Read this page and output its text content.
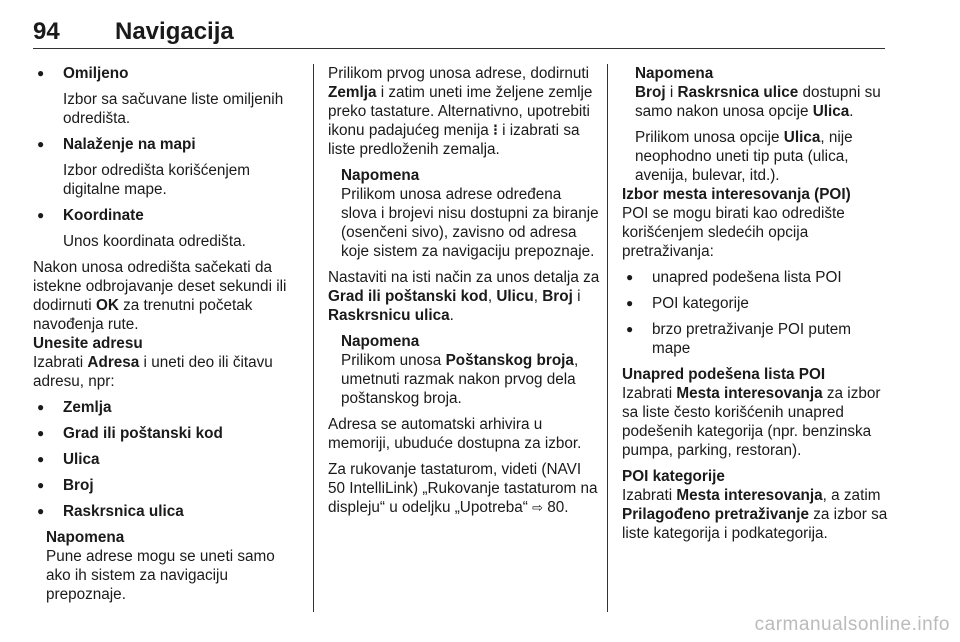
94 Navigacija
●	Omiljeno

Izbor sa sačuvane liste omiljenih odredišta.

●	Nalaženje na mapi

Izbor odredišta korišćenjem digitalne mape.

●	Koordinate

Unos koordinata odredišta.

Nakon unosa odredišta sačekati da istekne odbrojavanje deset sekundi ili dodirnuti OK za trenutni početak navođenja rute.

Unesite adresu

Izabrati Adresa i uneti deo ili čitavu adresu, npr:

●	Zemlja
●	Grad ili poštanski kod
●	Ulica
●	Broj
●	Raskrsnica ulica

Napomena

Pune adrese mogu se uneti samo ako ih sistem za navigaciju prepoznaje.

Prilikom prvog unosa adrese, dodirnuti Zemlja i zatim uneti ime željene zemlje preko tastature. Alternativno, upotrebiti ikonu padajućeg menija ⁝ i izabrati sa liste predloženih zemalja.

Napomena

Prilikom unosa adrese određena slova i brojevi nisu dostupni za biranje (osenčeni sivo), zavisno od adresa koje sistem za navigaciju prepoznaje.

Nastaviti na isti način za unos detalja za Grad ili poštanski kod, Ulicu, Broj i Raskrsnicu ulica.

Napomena

Prilikom unosa Poštanskog broja, umetnuti razmak nakon prvog dela poštanskog broja.

Adresa se automatski arhivira u memoriji, ubuduće dostupna za izbor.

Za rukovanje tastaturom, videti (NAVI 50 IntelliLink) „Rukovanje tastaturom na displeju“ u odeljku „Upotreba“ ⇨ 80.

Napomena

Broj i Raskrsnica ulice dostupni su samo nakon unosa opcije Ulica.

Prilikom unosa opcije Ulica, nije neophodno uneti tip puta (ulica, avenija, bulevar, itd.).

Izbor mesta interesovanja (POI)

POI se mogu birati kao odredište korišćenjem sledećih opcija pretraživanja:

●	unapred podešena lista POI
●	POI kategorije
●	brzo pretraživanje POI putem mape

Unapred podešena lista POI

Izabrati Mesta interesovanja za izbor sa liste često korišćenih unapred podešenih kategorija (npr. benzinska pumpa, parking, restoran).

POI kategorije

Izabrati Mesta interesovanja, a zatim Prilagođeno pretraživanje za izbor sa liste kategorija i podkategorija.

carmanualsonline.info
